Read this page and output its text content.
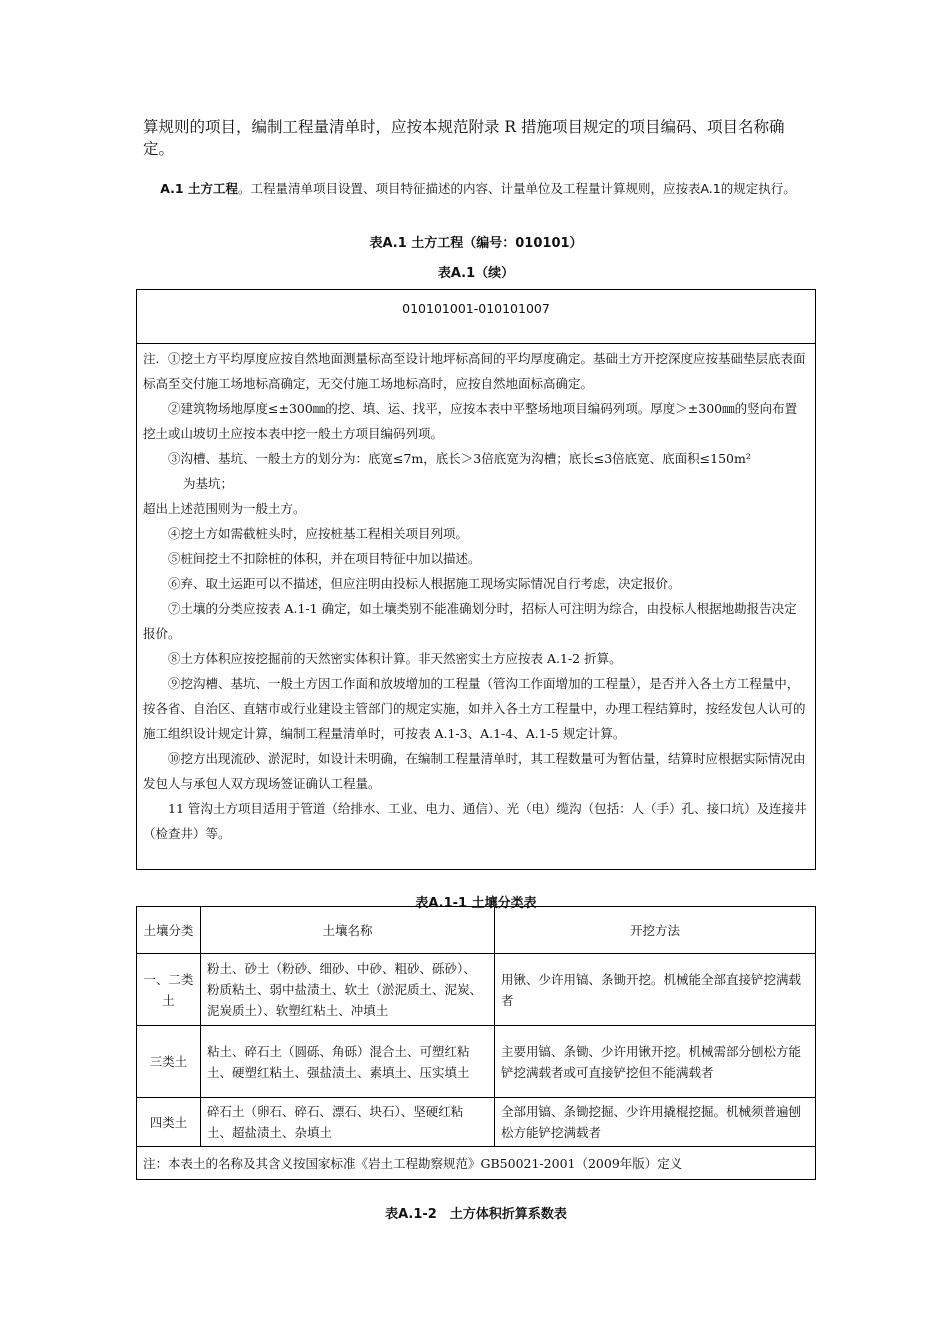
算规则的项目，编制工程量清单时，应按本规范附录 R 措施项目规定的项目编码、项目名称确定。
A.1 土方工程。工程量清单项目设置、项目特征描述的内容、计量单位及工程量计算规则，应按表A.1的规定执行。
表A.1 土方工程（编号：010101）
表A.1（续）
010101001-010101007

注．①挖土方平均厚度应按自然地面测量标高至设计地坪标高间的平均厚度确定。基础土方开挖深度应按基础垫层底表面标高至交付施工场地标高确定，无交付施工场地标高时，应按自然地面标高确定。

②建筑物场地厚度≤±300㎜的挖、填、运、找平，应按本表中平整场地项目编码列项。厚度＞±300㎜的竖向布置挖土或山坡切土应按本表中挖一般土方项目编码列项。

③沟槽、基坑、一般土方的划分为：底宽≤7m，底长＞3倍底宽为沟槽；底长≤3倍底宽、底面积≤150m²

为基坑；

超出上述范围则为一般土方。

④挖土方如需截桩头时，应按桩基工程相关项目列项。

⑤桩间挖土不扣除桩的体积，并在项目特征中加以描述。

⑥弃、取土运距可以不描述，但应注明由投标人根据施工现场实际情况自行考虑，决定报价。

⑦土壤的分类应按表 A.1-1 确定，如土壤类别不能准确划分时，招标人可注明为综合，由投标人根据地勘报告决定报价。

⑧土方体积应按挖掘前的天然密实体积计算。非天然密实土方应按表 A.1-2 折算。

⑨挖沟槽、基坑、一般土方因工作面和放坡增加的工程量（管沟工作面增加的工程量），是否并入各土方工程量中，按各省、自治区、直辖市或行业建设主管部门的规定实施，如并入各土方工程量中，办理工程结算时，按经发包人认可的施工组织设计规定计算，编制工程量清单时，可按表 A.1-3、A.1-4、A.1-5 规定计算。

⑩挖方出现流砂、淤泥时，如设计未明确，在编制工程量清单时，其工程数量可为暂估量，结算时应根据实际情况由发包人与承包人双方现场签证确认工程量。

11 管沟土方项目适用于管道（给排水、工业、电力、通信）、光（电）缆沟（包括：人（手）孔、接口坑）及连接井（检查井）等。

表A.1-1 土壤分类表
土壤分类	土壤名称	开挖方法
一、二类土	粉土、砂土（粉砂、细砂、中砂、粗砂、砾砂）、粉质粘土、弱中盐渍土、软土（淤泥质土、泥炭、泥炭质土）、软塑红粘土、冲填土	用锹、少许用镐、条锄开挖。机械能全部直接铲挖满载者
三类土	粘土、碎石土（圆砾、角砾）混合土、可塑红粘土、硬塑红粘土、强盐渍土、素填土、压实填土	主要用镐、条锄、少许用锹开挖。机械需部分刨松方能铲挖满载者或可直接铲挖但不能满载者
四类土	碎石土（卵石、碎石、漂石、块石）、坚硬红粘土、超盐渍土、杂填土	全部用镐、条锄挖掘、少许用撬棍挖掘。机械须普遍刨松方能铲挖满载者
注：本表土的名称及其含义按国家标准《岩土工程勘察规范》GB50021-2001（2009年版）定义		
表A.1-2　土方体积折算系数表
